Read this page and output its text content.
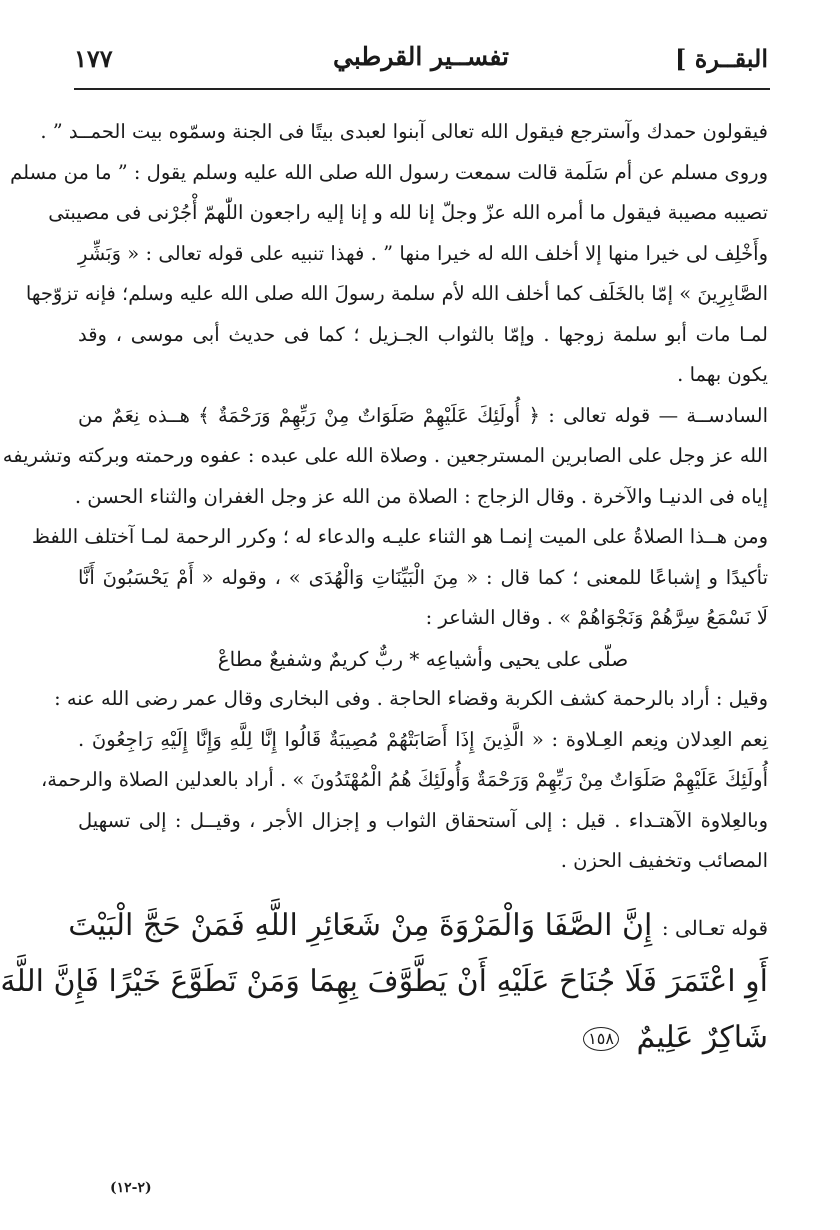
البقــرة ]
تفســير القرطبي
١٧٧
فيقولون حمدك وآسترجع فيقول الله تعالى آبنوا لعبدى بيتًا فى الجنة وسمّوه بيت الحمــد ” .
وروى مسلم عن أم سَلَمة قالت سمعت رسول الله صلى الله عليه وسلم يقول : ” ما من مسلم
تصيبه مصيبة فيقول ما أمره الله عزّ وجلّ إنا لله و إنا إليه راجعون اللّٰهمّ أْجُرْنى فى مصيبتى
وأَخْلِف لى خيرا منها إلا أخلف الله له خيرا منها ” . فهذا تنبيه على قوله تعالى : « وَبَشِّرِ
الصَّابِرِينَ » إمّا بالخَلَف كما أخلف الله لأم سلمة رسولَ الله صلى الله عليه وسلم؛ فإنه تزوّجها
لمـا مات أبو سلمة زوجها . وإمّا بالثواب الجـزيل ؛ كما فى حديث أبى موسى ، وقد
يكون بهما .
السادســة — قوله تعالى : ﴿ أُولَئِكَ عَلَيْهِمْ صَلَوَاتٌ مِنْ رَبِّهِمْ وَرَحْمَةٌ ﴾ هــذه نِعَمٌ من
الله عز وجل على الصابرين المسترجعين . وصلاة الله على عبده : عفوه ورحمته وبركته وتشريفه
إياه فى الدنيـا والآخرة . وقال الزجاج : الصلاة من الله عز وجل الغفران والثناء الحسن .
ومن هــذا الصلاةُ على الميت إنمـا هو الثناء عليـه والدعاء له ؛ وكرر الرحمة لمـا آختلف اللفظ
تأكيدًا و إشباعًا للمعنى ؛ كما قال : « مِنَ الْبَيِّنَاتِ وَالْهُدَى » ، وقوله « أَمْ يَحْسَبُونَ أَنَّا
لَا نَسْمَعُ سِرَّهُمْ وَنَجْوَاهُمْ » . وقال الشاعر :
صلّى على يحيى وأشياعِه * ربٌّ كريمٌ وشفيعٌ مطاعْ
وقيل : أراد بالرحمة كشف الكربة وقضاء الحاجة . وفى البخارى وقال عمر رضى الله عنه :
نِعم العِدلان ونِعم العِـلاوة : « الَّذِينَ إِذَا أَصَابَتْهُمْ مُصِيبَةٌ قَالُوا إِنَّا لِلَّهِ وَإِنَّا إِلَيْهِ رَاجِعُونَ .
أُولَئِكَ عَلَيْهِمْ صَلَوَاتٌ مِنْ رَبِّهِمْ وَرَحْمَةٌ وَأُولَئِكَ هُمُ الْمُهْتَدُونَ » . أراد بالعدلين الصلاة والرحمة،
وبالعِلاوة الآهتـداء . قيل : إلى آستحقاق الثواب و إجزال الأجر ، وقيــل : إلى تسهيل
المصائب وتخفيف الحزن .
قوله تعـالى : إِنَّ الصَّفَا وَالْمَرْوَةَ مِنْ شَعَائِرِ اللَّهِ فَمَنْ حَجَّ الْبَيْتَ
أَوِ اعْتَمَرَ فَلَا جُنَاحَ عَلَيْهِ أَنْ يَطَّوَّفَ بِهِمَا وَمَنْ تَطَوَّعَ خَيْرًا فَإِنَّ اللَّهَ
شَاكِرٌ عَلِيمٌ ١٥٨
(٢-١٢)
